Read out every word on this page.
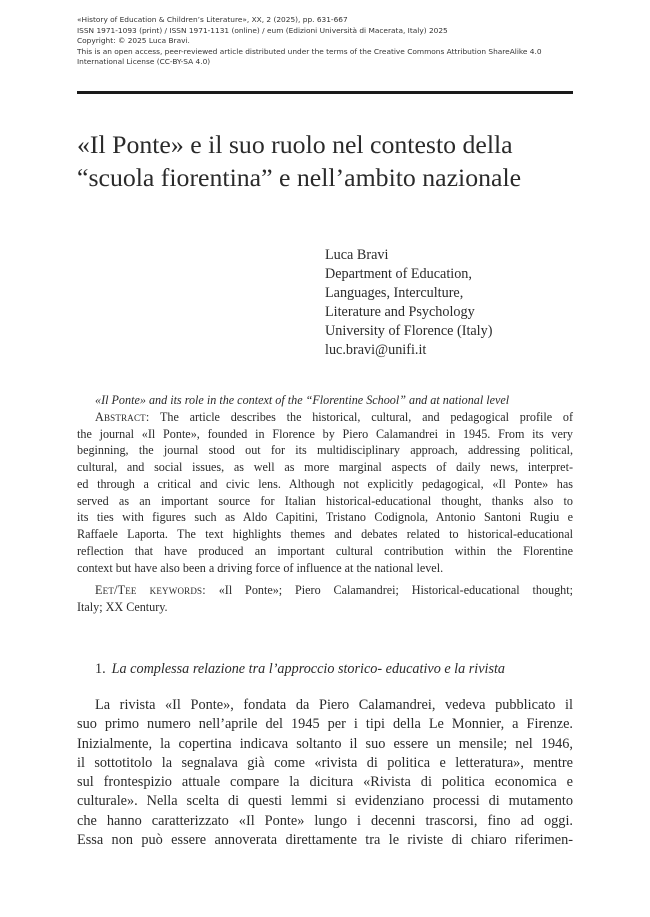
«History of Education & Children’s Literature», XX, 2 (2025), pp. 631-667
ISSN 1971-1093 (print) / ISSN 1971-1131 (online) / eum (Edizioni Università di Macerata, Italy) 2025
Copyright: © 2025 Luca Bravi.
This is an open access, peer-reviewed article distributed under the terms of the Creative Commons Attribution ShareAlike 4.0
International License (CC-BY-SA 4.0)
«Il Ponte» e il suo ruolo nel contesto della
“scuola fiorentina” e nell’ambito nazionale
Luca Bravi
Department of Education,
Languages, Interculture,
Literature and Psychology
University of Florence (Italy)
luc.bravi@unifi.it

«Il Ponte» and its role in the context of the “Florentine School” and at national level

Abstract: The article describes the historical, cultural, and pedagogical profile of
the journal «Il Ponte», founded in Florence by Piero Calamandrei in 1945. From its very
beginning, the journal stood out for its multidisciplinary approach, addressing political,
cultural, and social issues, as well as more marginal aspects of daily news, interpret-
ed through a critical and civic lens. Although not explicitly pedagogical, «Il Ponte» has
served as an important source for Italian historical-educational thought, thanks also to
its ties with figures such as Aldo Capitini, Tristano Codignola, Antonio Santoni Rugiu e
Raffaele Laporta. The text highlights themes and debates related to historical-educational
reflection that have produced an important cultural contribution within the Florentine
context but have also been a driving force of influence at the national level.
Eet/Tee keywords: «Il Ponte»; Piero Calamandrei; Historical-educational thought;
Italy; XX Century.
1. La complessa relazione tra l’approccio storico- educativo e la rivista
La rivista «Il Ponte», fondata da Piero Calamandrei, vedeva pubblicato il
suo primo numero nell’aprile del 1945 per i tipi della Le Monnier, a Firenze.
Inizialmente, la copertina indicava soltanto il suo essere un mensile; nel 1946,
il sottotitolo la segnalava già come «rivista di politica e letteratura», mentre
sul frontespizio attuale compare la dicitura «Rivista di politica economica e
culturale». Nella scelta di questi lemmi si evidenziano processi di mutamento
che hanno caratterizzato «Il Ponte» lungo i decenni trascorsi, fino ad oggi.
Essa non può essere annoverata direttamente tra le riviste di chiaro riferimen-
